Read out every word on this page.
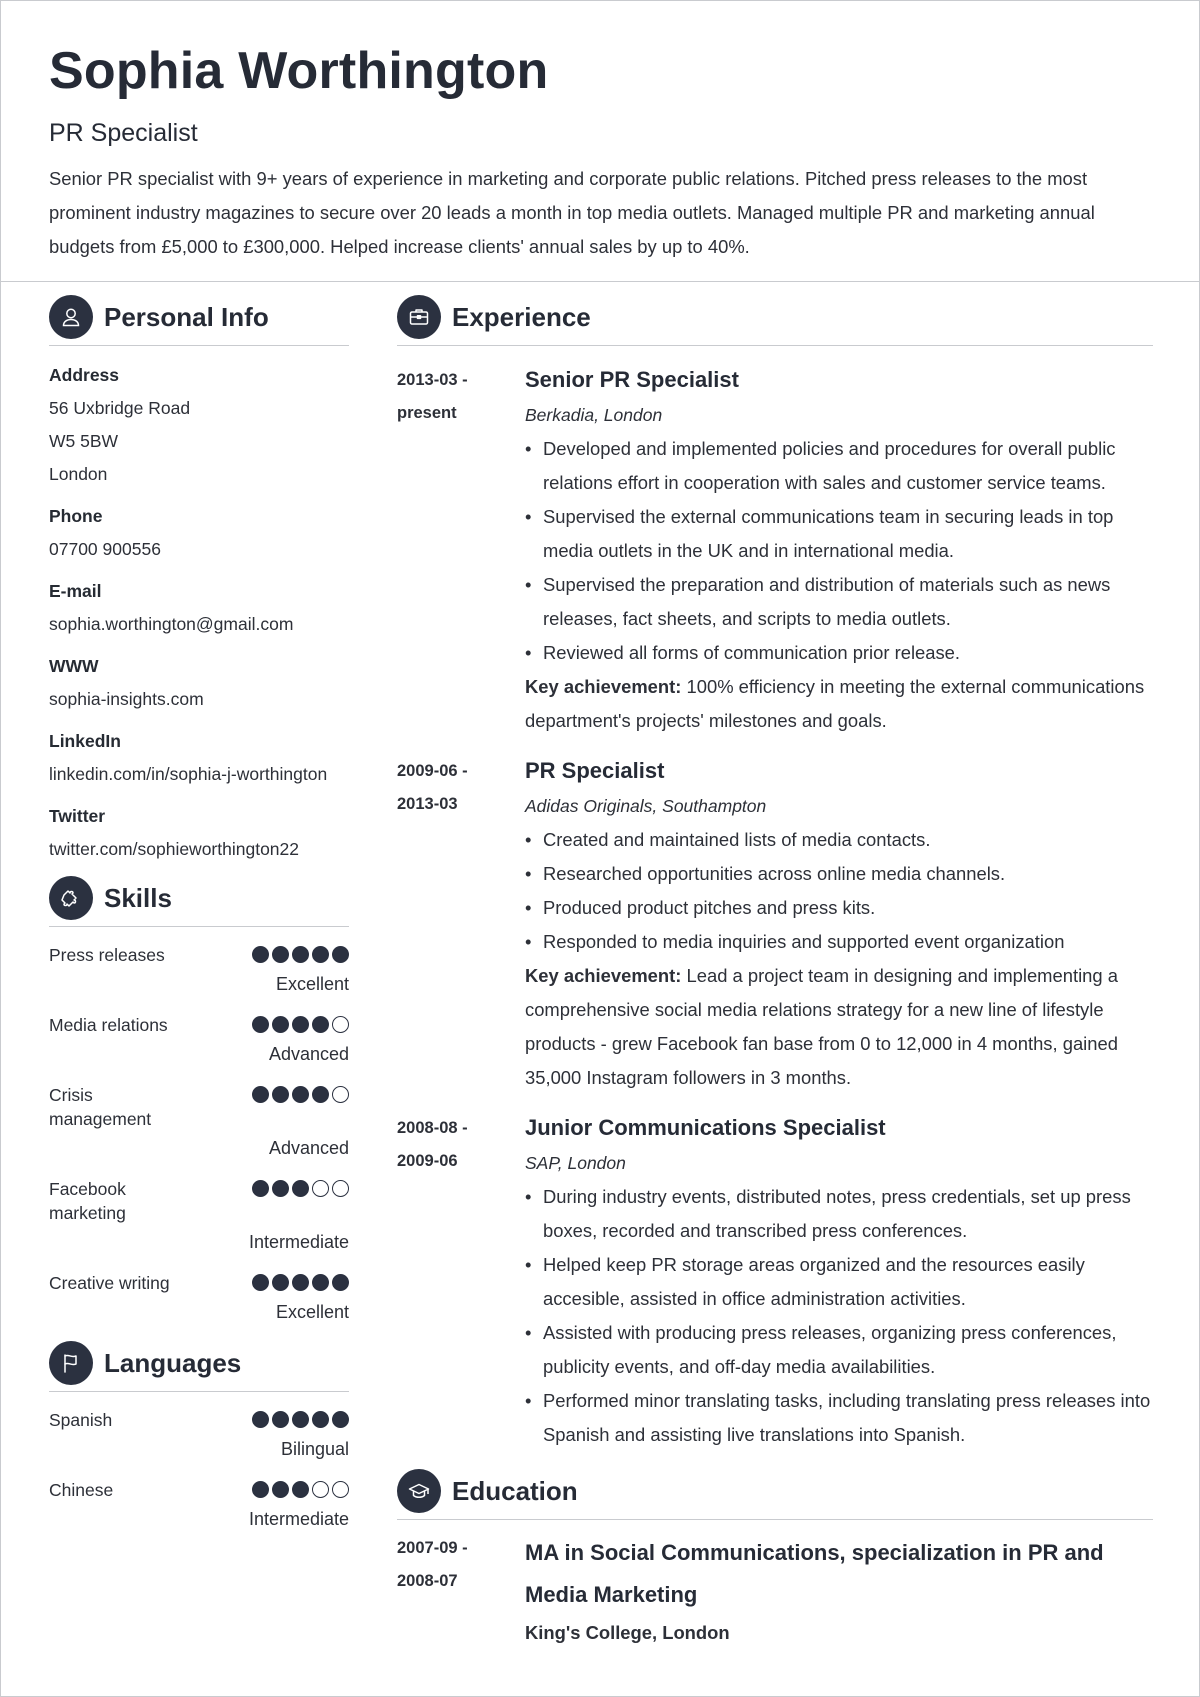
Sophia Worthington
PR Specialist
Senior PR specialist with 9+ years of experience in marketing and corporate public relations. Pitched press releases to the most prominent industry magazines to secure over 20 leads a month in top media outlets. Managed multiple PR and marketing annual budgets from £5,000 to £300,000. Helped increase clients' annual sales by up to 40%.
Personal Info
Address
56 Uxbridge Road
W5 5BW
London
Phone
07700 900556
E-mail
sophia.worthington@gmail.com
WWW
sophia-insights.com
LinkedIn
linkedin.com/in/sophia-j-worthington
Twitter
twitter.com/sophieworthington22
Skills
Press releases
Excellent
Media relations
Advanced
Crisis management
Advanced
Facebook marketing
Intermediate
Creative writing
Excellent
Languages
Spanish
Bilingual
Chinese
Intermediate
Experience
2013-03 -
present
Senior PR Specialist
Berkadia, London
• Developed and implemented policies and procedures for overall public relations effort in cooperation with sales and customer service teams.
• Supervised the external communications team in securing leads in top media outlets in the UK and in international media.
• Supervised the preparation and distribution of materials such as news releases, fact sheets, and scripts to media outlets.
• Reviewed all forms of communication prior release.
Key achievement: 100% efficiency in meeting the external communications department's projects' milestones and goals.
2009-06 -
2013-03
PR Specialist
Adidas Originals, Southampton
• Created and maintained lists of media contacts.
• Researched opportunities across online media channels.
• Produced product pitches and press kits.
• Responded to media inquiries and supported event organization
Key achievement: Lead a project team in designing and implementing a comprehensive social media relations strategy for a new line of lifestyle products - grew Facebook fan base from 0 to 12,000 in 4 months, gained 35,000 Instagram followers in 3 months.
2008-08 -
2009-06
Junior Communications Specialist
SAP, London
• During industry events, distributed notes, press credentials, set up press boxes, recorded and transcribed press conferences.
• Helped keep PR storage areas organized and the resources easily accesible, assisted in office administration activities.
• Assisted with producing press releases, organizing press conferences, publicity events, and off-day media availabilities.
• Performed minor translating tasks, including translating press releases into Spanish and assisting live translations into Spanish.
Education
2007-09 -
2008-07
MA in Social Communications, specialization in PR and Media Marketing
King's College, London
